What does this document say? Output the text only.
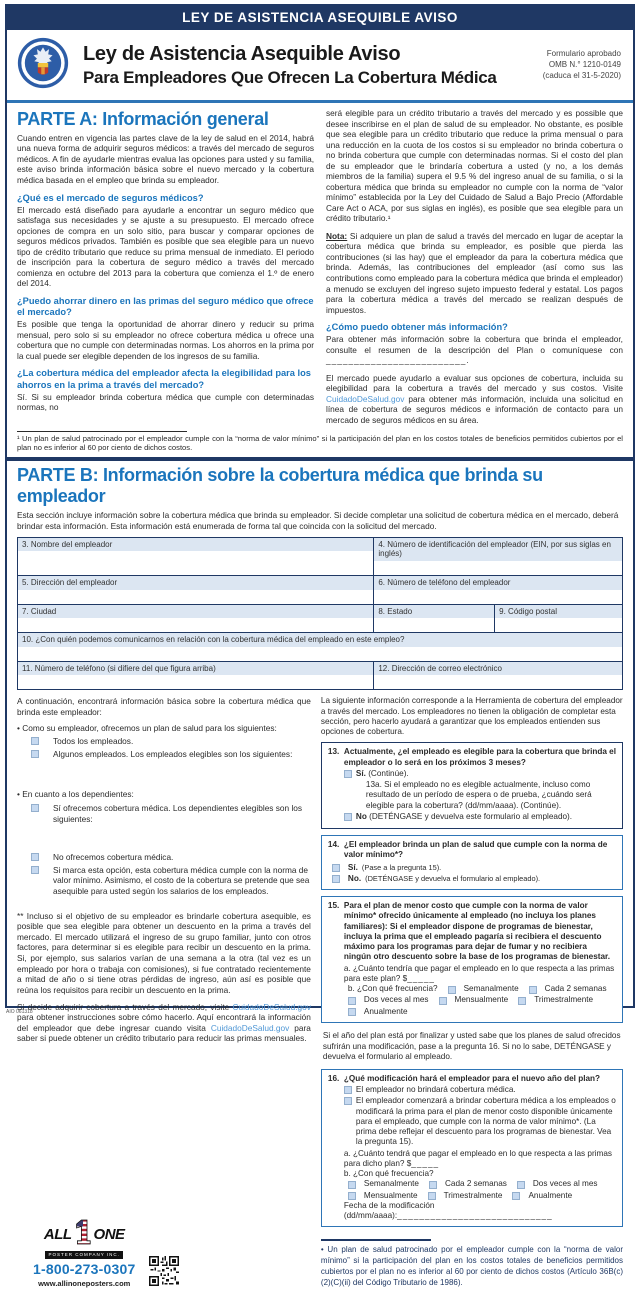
LEY DE ASISTENCIA ASEQUIBLE AVISO
Ley de Asistencia Asequible Aviso
Para Empleadores Que Ofrecen La Cobertura Médica
Formulario aprobado
OMB N.° 1210-0149
(caduca el 31-5-2020)
PARTE A: Información general

Cuando entren en vigencia las partes clave de la ley de salud en el 2014, habrá una nueva forma de adquirir seguros médicos: a través del mercado de seguros médicos. A fin de ayudarle mientras evalua las opciones para usted y su familia, este aviso brinda información básica sobre el nuevo mercado y la cobertura médica basada en el empleo que brinda su empleador.

¿Qué es el mercado de seguros médicos?

El mercado está diseñado para ayudarle a encontrar un seguro médico que satisfaga sus necesidades y se ajuste a su presupuesto. El mercado ofrece opciones de compra en un solo sitio, para buscar y comparar opciones de seguros médicos privados. También es posible que sea elegible para un nuevo tipo de crédito tributario que reduce su prima mensual de inmediato. El periodo de inscripción para la cobertura de seguro médico a través del mercado comienza en octubre del 2013 para la cobertura que comienza el 1.º de enero del 2014.

¿Puedo ahorrar dinero en las primas del seguro médico que ofrece el mercado?

Es posible que tenga la oportunidad de ahorrar dinero y reducir su prima mensual, pero solo si su empleador no ofrece cobertura médica u ofrece una cobertura que no cumple con determinadas normas. Los ahorros en la prima por la cual puede ser elegible dependen de los ingresos de su familia.

¿La cobertura médica del empleador afecta la elegibilidad para los ahorros en la prima a través del mercado?

Sí. Si su empleador brinda cobertura médica que cumple con determinadas normas, no

será elegible para un crédito tributario a través del mercado y es possible que desee inscribirse en el plan de salud de su empleador. No obstante, es posible que sea elegible para un crédito tributario que reduce la prima mensual o para una reducción en la cuota de los costos si su empleador no brinda cobertura o no brinda cobertura que cumple con determinadas normas. Si el costo del plan de su empleador que le brindaría cobertura a usted (y no, a los demás miembros de la familia) supera el 9.5 % del ingreso anual de su familia, o si la cobertura médica que brinda su empleador no cumple con la norma de “valor mínimo” establecida por la Ley del Cuidado de Salud a Bajo Precio (Affordable Care Act o ACA, por sus siglas en inglés), es posible que sea elegible para un crédito tributario.¹

Nota: Si adquiere un plan de salud a través del mercado en lugar de aceptar la cobertura médica que brinda su empleador, es posible que pierda las contribuciones (si las hay) que el empleador da para la cobertura médica que brinda. Además, las contribuciones del empleador (así como sus las contributions como empleado para la cobertura médica que brinda el empleador) a menudo se excluyen del ingreso sujeto impuesto federal y estatal. Los pagos para la cobertura médica a través del mercado se realizan después de impuestos.

¿Cómo puedo obtener más información?

Para obtener más información sobre la cobertura que brinda el empleador, consulte el resumen de la descripción del Plan o comuníquese con _________________________.

El mercado puede ayudarlo a evaluar sus opciones de cobertura, incluida su elegibilidad para la cobertura a través del mercado y sus costos. Visite CuidadoDeSalud.gov para obtener más información, incluida una solicitud en línea de cobertura de seguros médicos e información de contacto para un mercado de seguros médicos en su área.

¹ Un plan de salud patrocinado por el empleador cumple con la “norma de valor mínimo” si la participación del plan en los costos totales de beneficios permitidos cubiertos por el plan no es inferior al 60 por ciento de dichos costos.
PARTE B: Información sobre la cobertura médica que brinda su empleador
Esta sección incluye información sobre la cobertura médica que brinda su empleador. Si decide completar una solicitud de cobertura médica en el mercado, deberá brindar esta información. Esta información está enumerada de forma tal que coincida con la solicitud del mercado.
3. Nombre del empleador	4. Número de identificación del empleador (EIN, por sus siglas en inglés)
5. Dirección del empleador	6. Número de teléfono del empleador
7. Ciudad	8. Estado	9. Código postal
10. ¿Con quién podemos comunicarnos en relación con la cobertura médica del empleado en este empleo?
11. Número de teléfono (si difiere del que figura arriba)	12. Dirección de correo electrónico
A continuación, encontrará información básica sobre la cobertura médica que brinda este empleador:
• Como su empleador, ofrecemos un plan de salud para los siguientes:
Todos los empleados.
Algunos empleados. Los empleados elegibles son los siguientes:
• En cuanto a los dependientes:
Sí ofrecemos cobertura médica. Los dependientes elegibles son los siguientes:
No ofrecemos cobertura médica.
Si marca esta opción, esta cobertura médica cumple con la norma de valor mínimo. Asimismo, el costo de la cobertura se pretende que sea asequible para usted según los salarios de los empleados.
** Incluso si el objetivo de su empleador es brindarle cobertura asequible, es posible que sea elegible para obtener un descuento en la prima a través del mercado. El mercado utilizará el ingreso de su grupo familiar, junto con otros factores, para determinar si es elegible para recibir un descuento en la prima. Si, por ejemplo, sus salarios varían de una semana a la otra (tal vez es un empleado por hora o trabaja con comisiones), si fue contratado recientemente a mitad de año o si tiene otras pérdidas de ingreso, aún así es posible que reúna los requisitos para recibir un descuento en la prima.
Si decide adquirir cobertura a través del mercado, visite CuidadoDeSalud.gov para obtener instrucciones sobre cómo hacerlo. Aquí encontrará la información del empleador que debe ingresar cuando visita CuidadoDeSalud.gov para saber si puede obtener un crédito tributario para reducir las primas mensuales.
ALL ONE
POSTER COMPANY INC.
1-800-273-0307
www.allinoneposters.com
La siguiente información corresponde a la Herramienta de cobertura del empleador a través del mercado. Los empleadores no tienen la obligación de completar esta sección, pero hacerlo ayudará a garantizar que los empleados entienden sus opciones de cobertura.
13. Actualmente, ¿el empleado es elegible para la cobertura que brinda el empleador o lo será en los próximos 3 meses?
Sí. (Continúe).
13a. Si el empleado no es elegible actualmente, incluso como resultado de un período de espera o de prueba, ¿cuándo será elegible para la cobertura? (dd/mm/aaaa). (Continúe).
No (DETÉNGASE y devuelva este formulario al empleado).
14. ¿El empleador brinda un plan de salud que cumple con la norma de valor mínimo*?
Sí. (Pase a la pregunta 15).
No. (DETÉNGASE y devuelva el formulario al empleado).
15. Para el plan de menor costo que cumple con la norma de valor mínimo* ofrecido únicamente al empleado (no incluya los planes familiares): Si el empleador dispone de programas de bienestar, incluya la prima que el empleado pagaría si recibiera el descuento máximo para los programas para dejar de fumar y no recibiera ningún otro descuento sobre la base de los programas de bienestar.
a. ¿Cuánto tendría que pagar el empleado en lo que respecta a las primas para este plan? $_____
b. ¿Con qué frecuencia?	Semanalmente	Cada 2 semanas
Dos veces al mes	Mensualmente	Trimestralmente
Anualmente
Si el año del plan está por finalizar y usted sabe que los planes de salud ofrecidos sufrirán una modificación, pase a la pregunta 16. Si no lo sabe, DETÉNGASE y devuelva el formulario al empleado.
16. ¿Qué modificación hará el empleador para el nuevo año del plan?
El empleador no brindará cobertura médica.
El empleador comenzará a brindar cobertura médica a los empleados o modificará la prima para el plan de menor costo disponible únicamente para el empleado, que cumple con la norma de valor mínimo*. (La prima debe reflejar el descuento para los programas de bienestar. Vea la pregunta 15).
a. ¿Cuánto tendrá que pagar el empleado en lo que respecta a las primas para dicho plan? $_____
b. ¿Con qué frecuencia?
Semanalmente	Cada 2 semanas	Dos veces al mes
Mensualmente	Trimestralmente	Anualmente
Fecha de la modificación (dd/mm/aaaa):____________________________
• Un plan de salud patrocinado por el empleador cumple con la “norma de valor mínimo” si la participación del plan en los costos totales de beneficios permitidos cubiertos por el plan no es inferior al 60 por ciento de dichos costos (Artículo 36B(c)(2)(C)(ii) del Código Tributario de 1986).
AIO 061318
